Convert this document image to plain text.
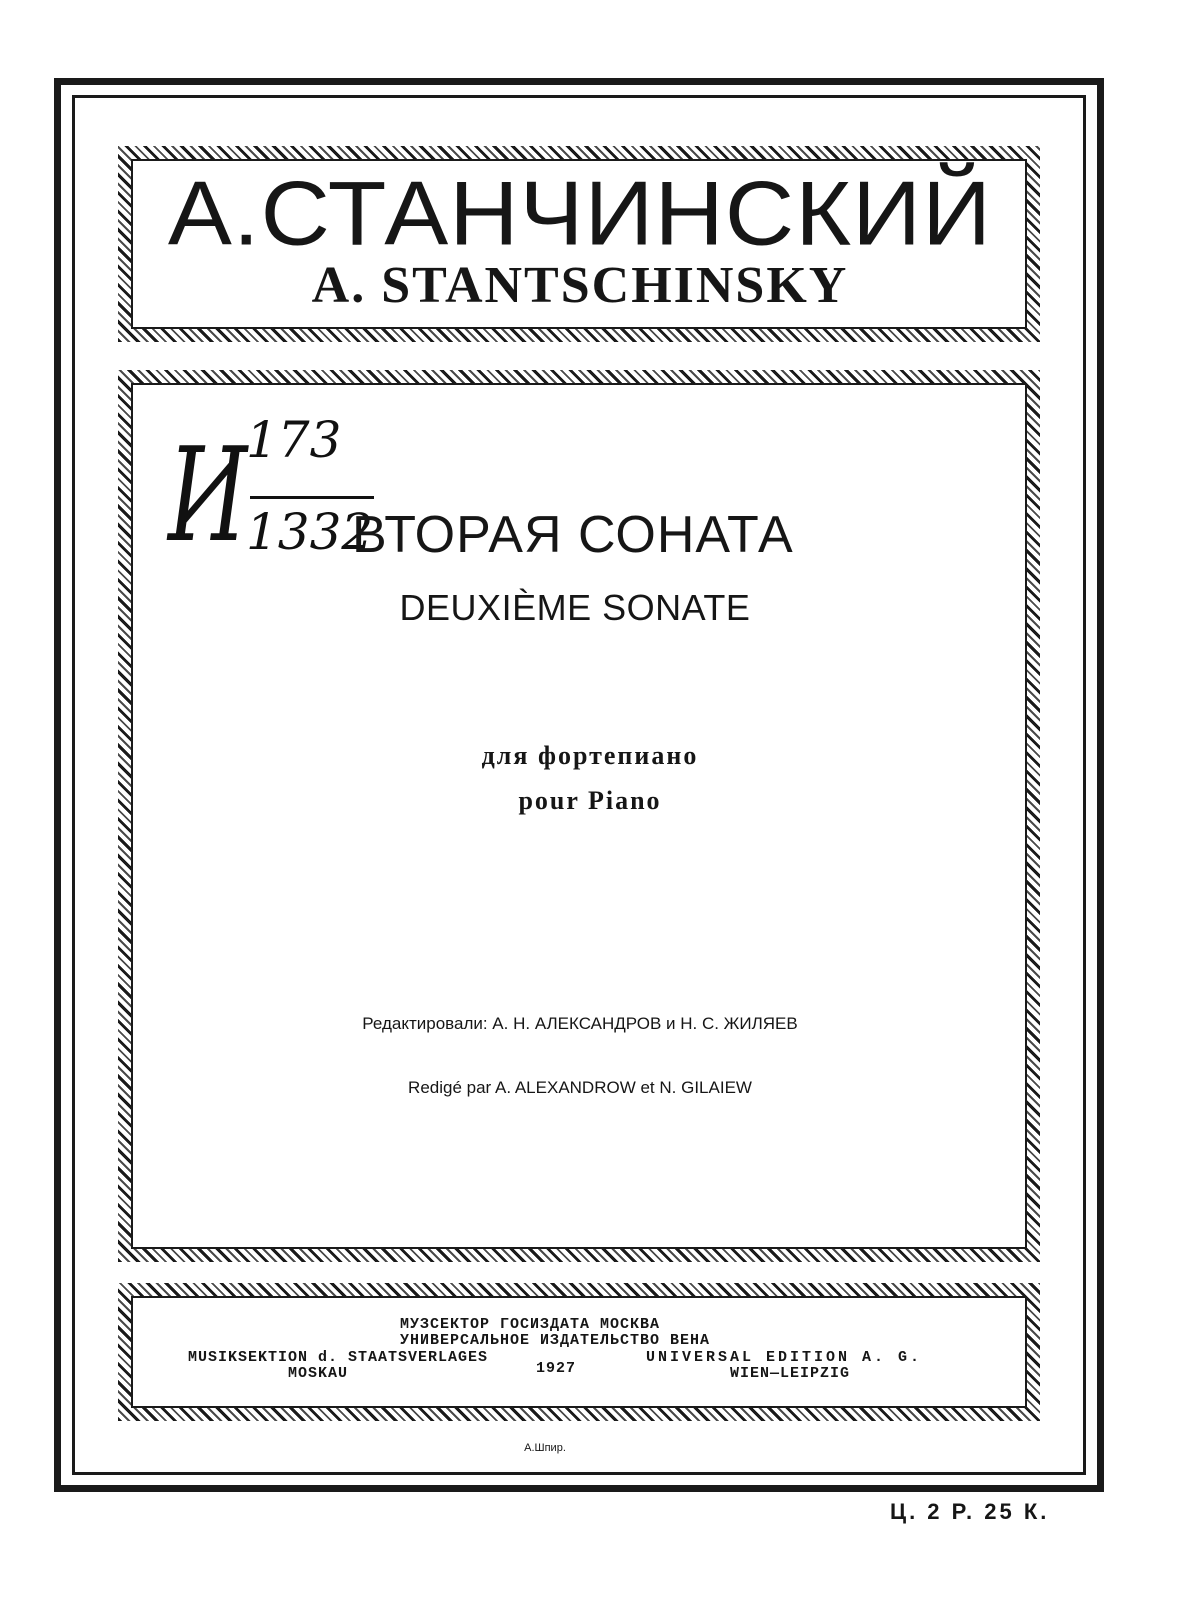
А.СТАНЧИНСКИЙ
A. STANTSCHINSKY
И
173
1332
ВТОРАЯ СОНАТА
DEUXIÈME SONATE
для фортепиано
pour Piano
Редактировали: А. Н. АЛЕКСАНДРОВ и Н. С. ЖИЛЯЕВ
Redigé par A. ALEXANDROW et N. GILAIEW
МУЗСЕКТОР ГОСИЗДАТА МОСКВА
УНИВЕРСАЛЬНОЕ ИЗДАТЕЛЬСТВО ВЕНА
MUSIKSEKTION d. STAATSVERLAGES
MOSKAU	1927
UNIVERSAL EDITION A. G.
WIEN—LEIPZIG
А.Шпир.
Ц. 2 Р. 25 К.
